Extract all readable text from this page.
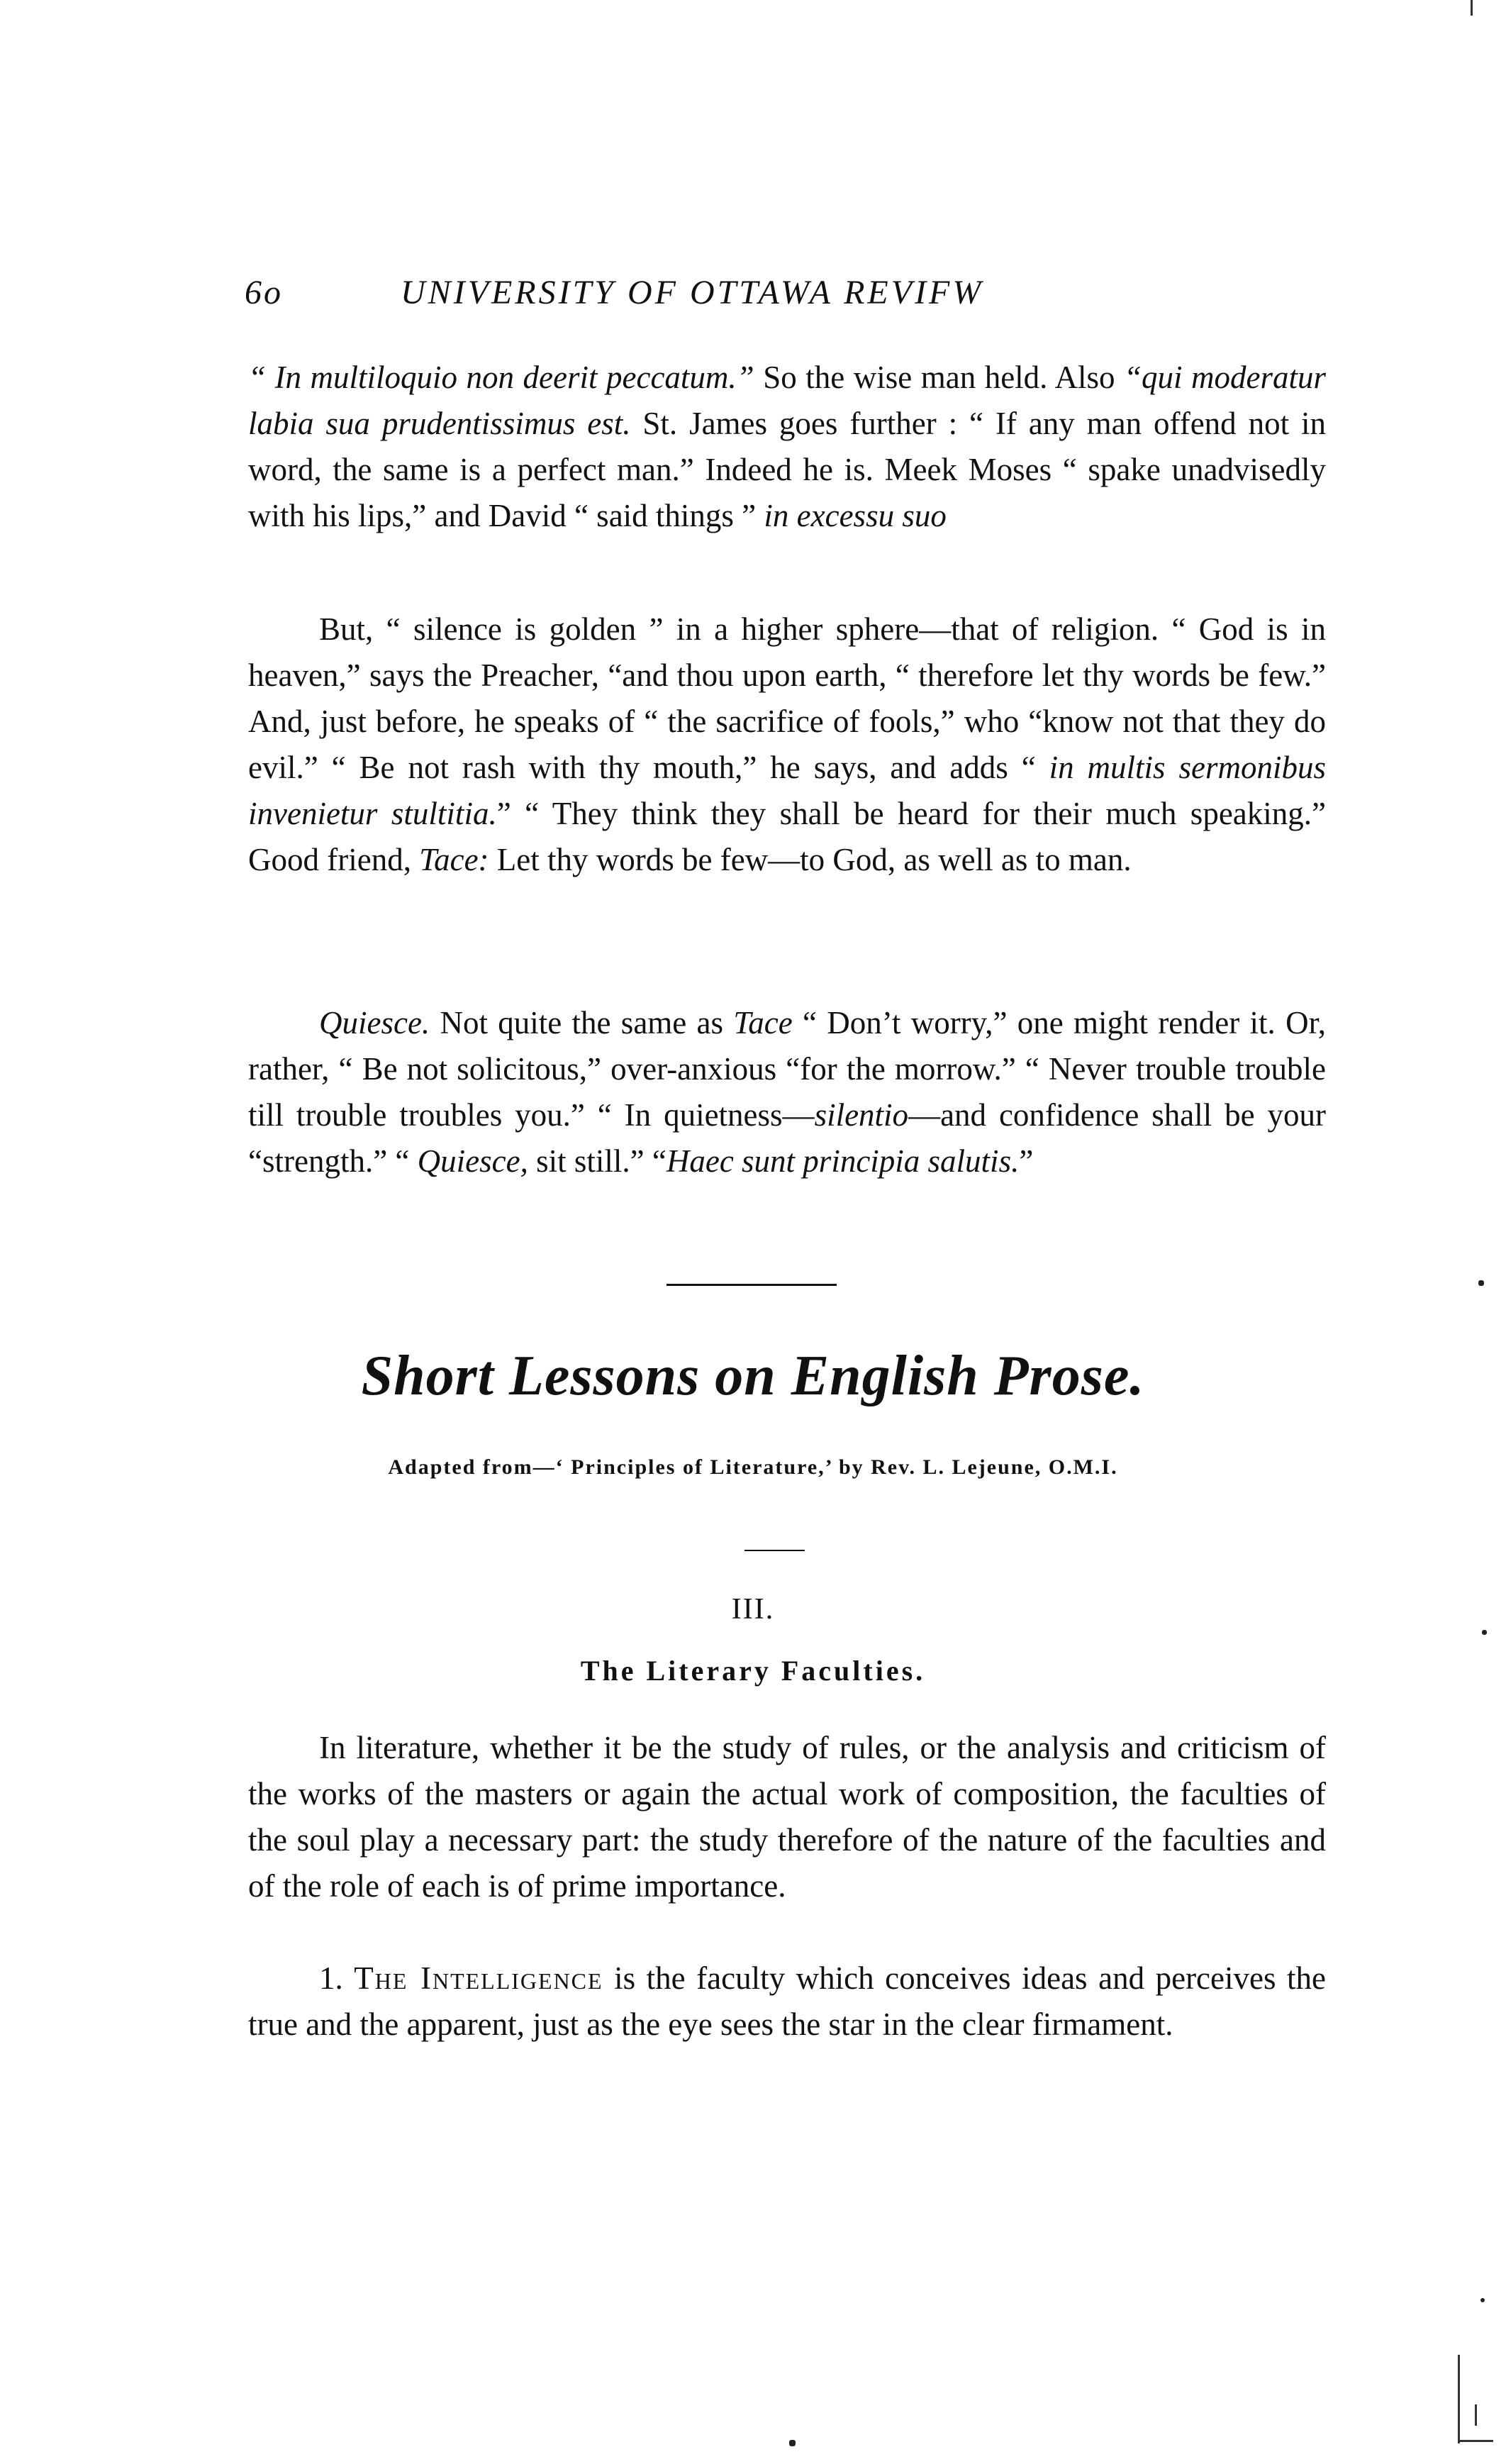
6o	UNIVERSITY OF OTTAWA REVIFW

“ In multiloquio non deerit peccatum.” So the wise man held. Also “qui moderatur labia sua prudentissimus est. St. James goes further : “ If any man offend not in word, the same is a perfect man.” Indeed he is. Meek Moses “ spake unadvisedly with his lips,” and David “ said things ” in excessu suo

But, “ silence is golden ” in a higher sphere—that of religion. “ God is in heaven,” says the Preacher, “and thou upon earth, “ therefore let thy words be few.” And, just before, he speaks of “ the sacrifice of fools,” who “know not that they do evil.” “ Be not rash with thy mouth,” he says, and adds “ in multis sermonibus invenietur stultitia.” “ They think they shall be heard for their much speaking.” Good friend, Tace: Let thy words be few—to God, as well as to man.

Quiesce. Not quite the same as Tace “ Don’t worry,” one might render it. Or, rather, “ Be not solicitous,” over-anxious “for the morrow.” “ Never trouble trouble till trouble troubles you.” “ In quietness—silentio—and confidence shall be your “strength.” “ Quiesce, sit still.” “Haec sunt principia salutis.”

Short Lessons on English Prose.
Adapted from—‘ Principles of Literature,’ by Rev. L. Lejeune, O.M.I.
III.
The Literary Faculties.

In literature, whether it be the study of rules, or the analysis and criticism of the works of the masters or again the actual work of composition, the faculties of the soul play a necessary part: the study therefore of the nature of the faculties and of the role of each is of prime importance.

1. The Intelligence is the faculty which conceives ideas and perceives the true and the apparent, just as the eye sees the star in the clear firmament.
